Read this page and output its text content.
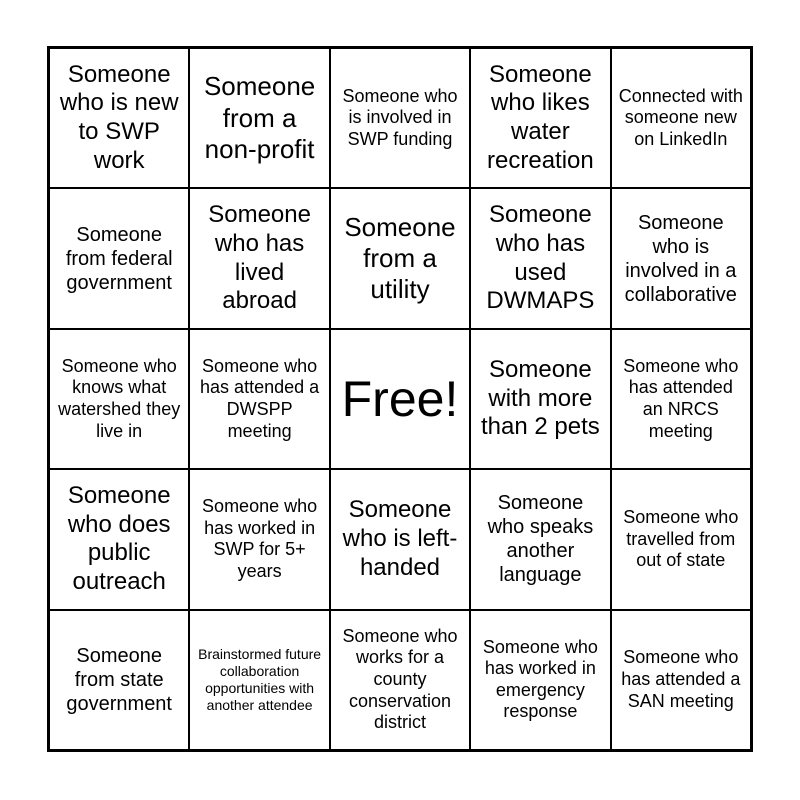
Someone who is new to SWP work
Someone from a non-profit
Someone who is involved in SWP funding
Someone who likes water recreation
Connected with someone new on LinkedIn
Someone from federal government
Someone who has lived abroad
Someone from a utility
Someone who has used DWMAPS
Someone who is involved in a collaborative
Someone who knows what watershed they live in
Someone who has attended a DWSPP meeting
Free!
Someone with more than 2 pets
Someone who has attended an NRCS meeting
Someone who does public outreach
Someone who has worked in SWP for 5+ years
Someone who is left-handed
Someone who speaks another language
Someone who travelled from out of state
Someone from state government
Brainstormed future collaboration opportunities with another attendee
Someone who works for a county conservation district
Someone who has worked in emergency response
Someone who has attended a SAN meeting
